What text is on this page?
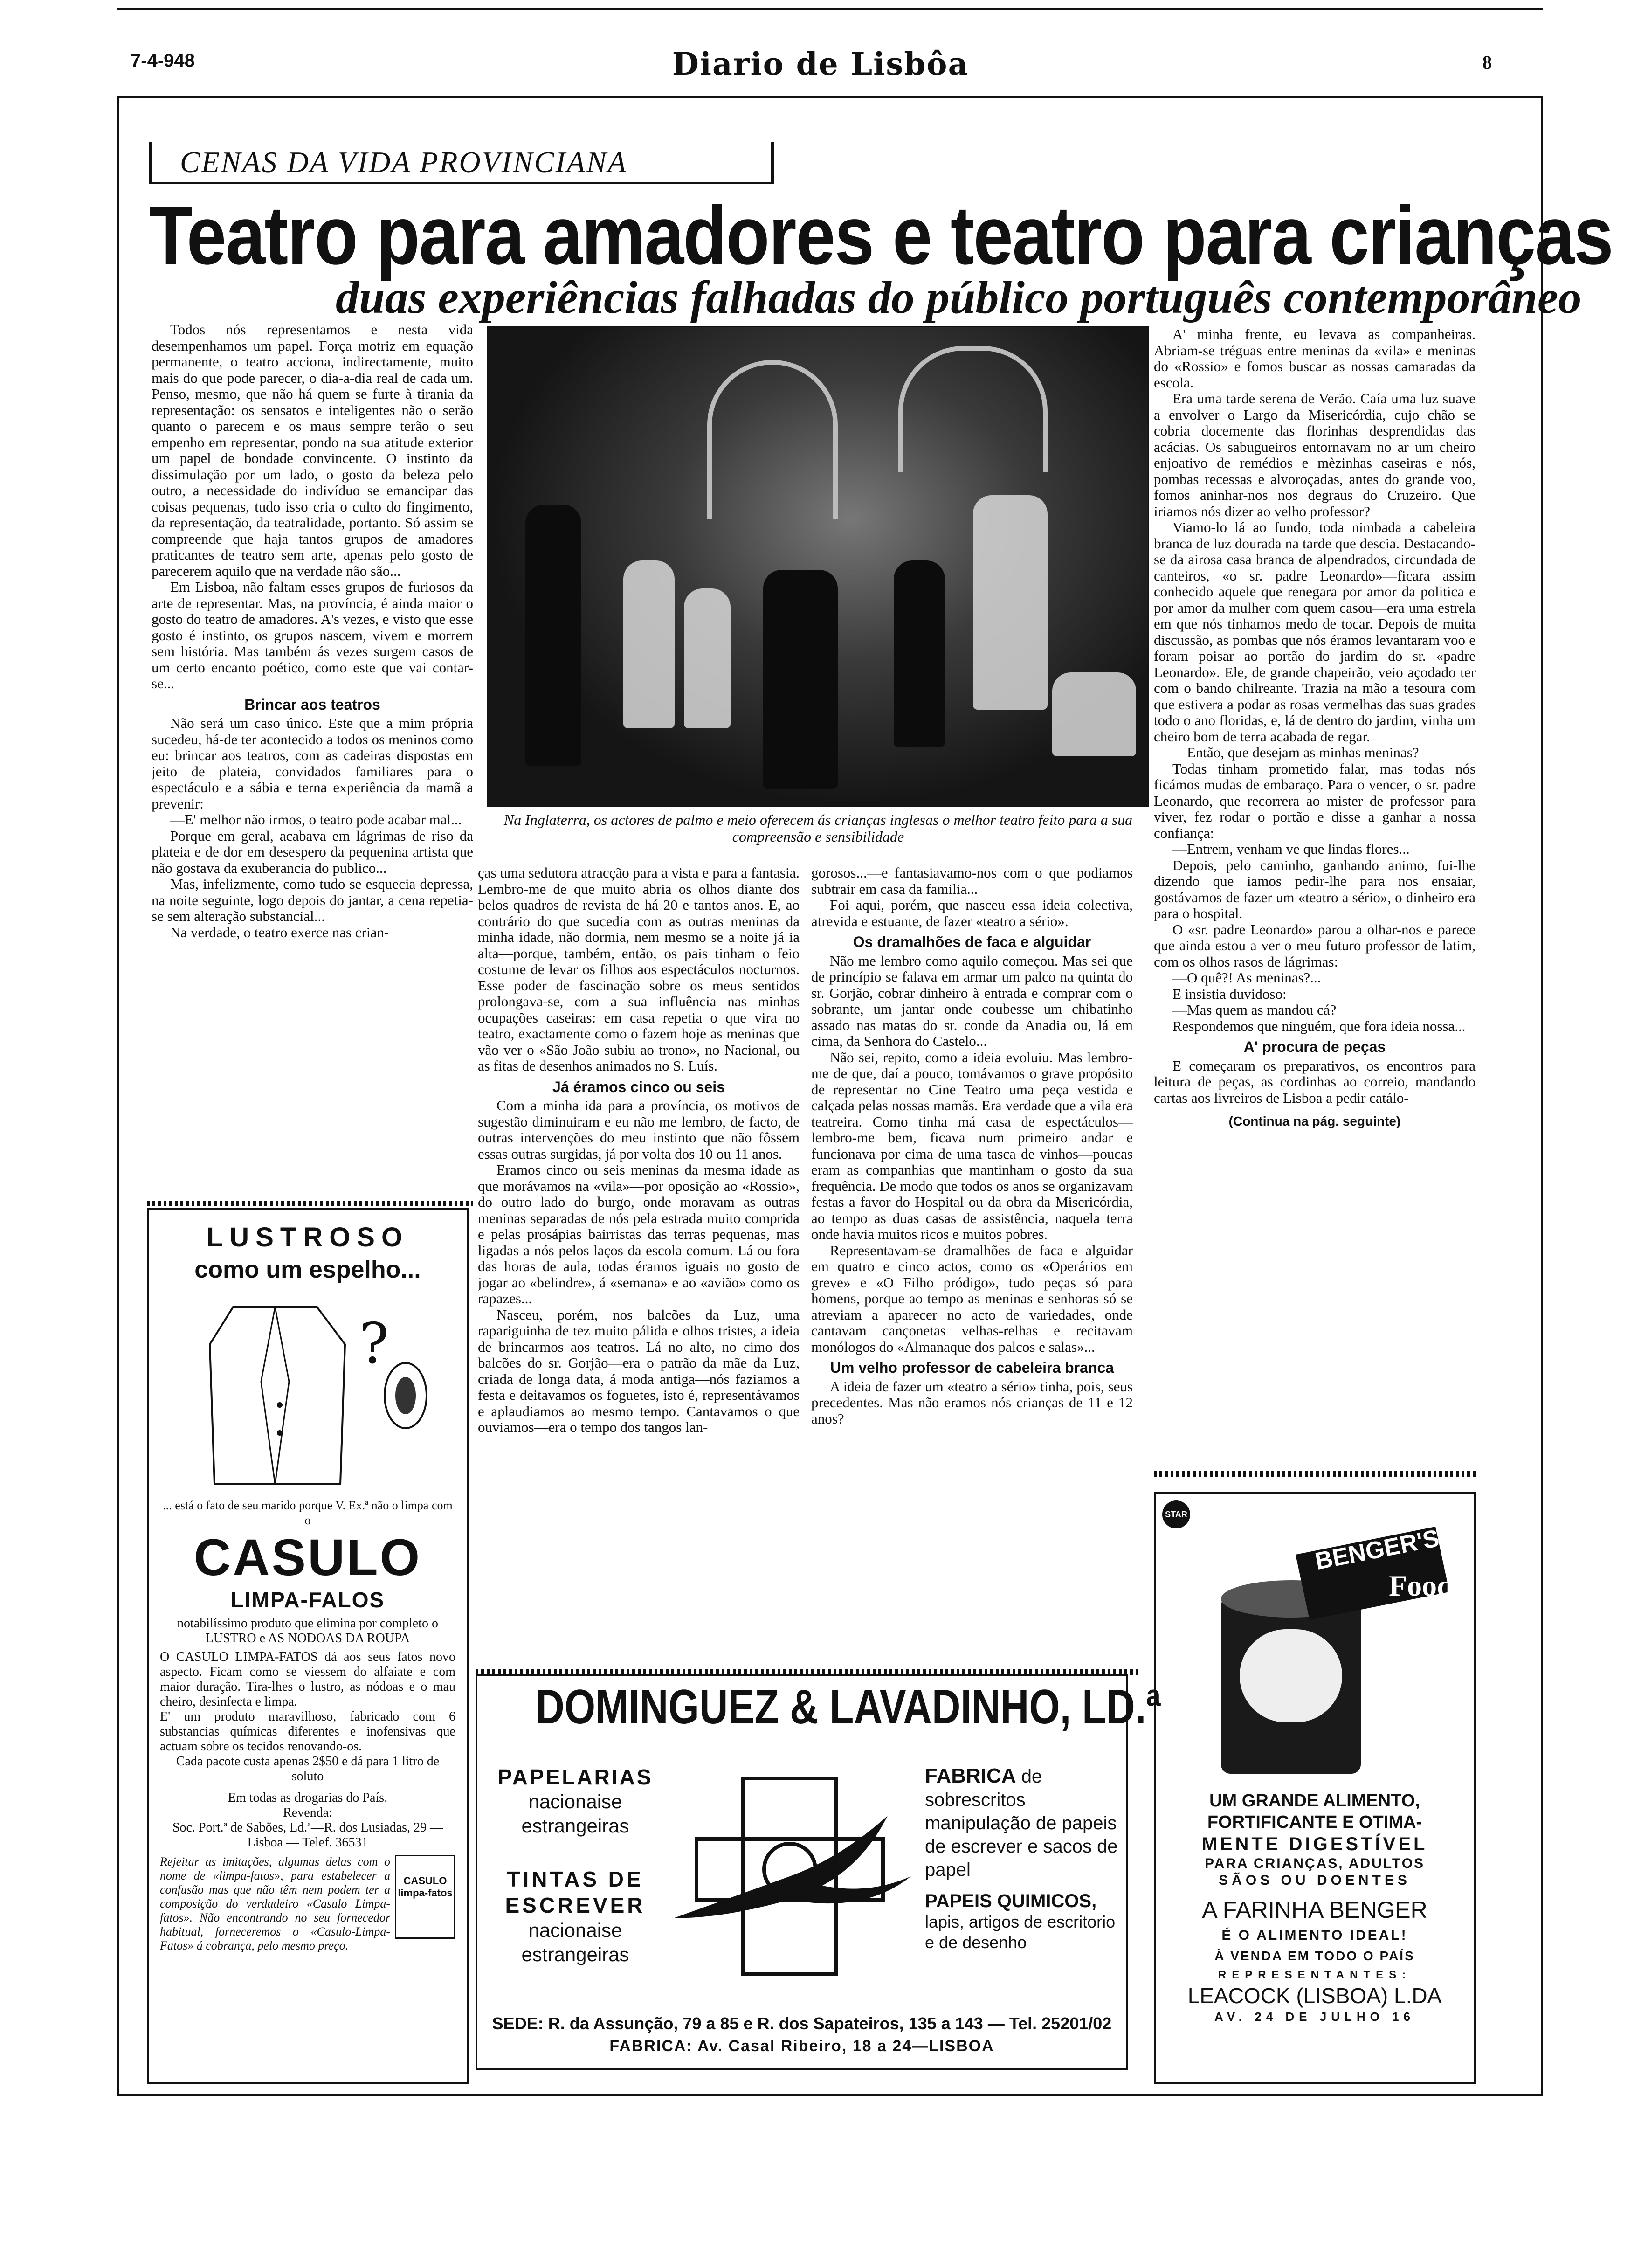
7-4-948	Diario de Lisbôa	8
CENAS DA VIDA PROVINCIANA
Teatro para amadores e teatro para crianças
duas experiências falhadas do público português contemporâneo

Todos nós representamos e nesta vida desempenhamos um papel. Força motriz em equação permanente, o teatro acciona, indirectamente, muito mais do que pode parecer, o dia-a-dia real de cada um. Penso, mesmo, que não há quem se furte à tirania da representação: os sensatos e inteligentes não o serão quanto o parecem e os maus sempre terão o seu empenho em representar, pondo na sua atitude exterior um papel de bondade convincente. O instinto da dissimulação por um lado, o gosto da beleza pelo outro, a necessidade do indivíduo se emancipar das coisas pequenas, tudo isso cria o culto do fingimento, da representação, da teatralidade, portanto. Só assim se compreende que haja tantos grupos de amadores praticantes de teatro sem arte, apenas pelo gosto de parecerem aquilo que na verdade não são...

Em Lisboa, não faltam esses grupos de furiosos da arte de representar. Mas, na província, é ainda maior o gosto do teatro de amadores. A's vezes, e visto que esse gosto é instinto, os grupos nascem, vivem e morrem sem história. Mas também ás vezes surgem casos de um certo encanto poético, como este que vai contar-se...

Brincar aos teatros

Não será um caso único. Este que a mim própria sucedeu, há-de ter acontecido a todos os meninos como eu: brincar aos teatros, com as cadeiras dispostas em jeito de plateia, convidados familiares para o espectáculo e a sábia e terna experiência da mamã a prevenir:

—E' melhor não irmos, o teatro pode acabar mal...

Porque em geral, acabava em lágrimas de riso da plateia e de dor em desespero da pequenina artista que não gostava da exuberancia do publico...

Mas, infelizmente, como tudo se esquecia depressa, na noite seguinte, logo depois do jantar, a cena repetia-se sem alteração substancial...

Na verdade, o teatro exerce nas crian-

Na Inglaterra, os actores de palmo e meio oferecem ás crianças inglesas o melhor teatro feito para a sua compreensão e sensibilidade

ças uma sedutora atracção para a vista e para a fantasia. Lembro-me de que muito abria os olhos diante dos belos quadros de revista de há 20 e tantos anos. E, ao contrário do que sucedia com as outras meninas da minha idade, não dormia, nem mesmo se a noite já ia alta—porque, também, então, os pais tinham o feio costume de levar os filhos aos espectáculos nocturnos. Esse poder de fascinação sobre os meus sentidos prolongava-se, com a sua influência nas minhas ocupações caseiras: em casa repetia o que vira no teatro, exactamente como o fazem hoje as meninas que vão ver o «São João subiu ao trono», no Nacional, ou as fitas de desenhos animados no S. Luís.

Já éramos cinco ou seis

Com a minha ida para a província, os motivos de sugestão diminuiram e eu não me lembro, de facto, de outras intervenções do meu instinto que não fôssem essas outras surgidas, já por volta dos 10 ou 11 anos.

Eramos cinco ou seis meninas da mesma idade as que morávamos na «vila»—por oposição ao «Rossio», do outro lado do burgo, onde moravam as outras meninas separadas de nós pela estrada muito comprida e pelas prosápias bairristas das terras pequenas, mas ligadas a nós pelos laços da escola comum. Lá ou fora das horas de aula, todas éramos iguais no gosto de jogar ao «belindre», á «semana» e ao «avião» como os rapazes...

Nasceu, porém, nos balcões da Luz, uma rapariguinha de tez muito pálida e olhos tristes, a ideia de brincarmos aos teatros. Lá no alto, no cimo dos balcões do sr. Gorjão—era o patrão da mãe da Luz, criada de longa data, á moda antiga—nós faziamos a festa e deitavamos os foguetes, isto é, representávamos e aplaudiamos ao mesmo tempo. Cantavamos o que ouviamos—era o tempo dos tangos lan-

gorosos...—e fantasiavamo-nos com o que podiamos subtrair em casa da familia...

Foi aqui, porém, que nasceu essa ideia colectiva, atrevida e estuante, de fazer «teatro a sério».

Os dramalhões de faca e alguidar

Não me lembro como aquilo começou. Mas sei que de princípio se falava em armar um palco na quinta do sr. Gorjão, cobrar dinheiro à entrada e comprar com o sobrante, um jantar onde coubesse um chibatinho assado nas matas do sr. conde da Anadia ou, lá em cima, da Senhora do Castelo...

Não sei, repito, como a ideia evoluiu. Mas lembro-me de que, daí a pouco, tomávamos o grave propósito de representar no Cine Teatro uma peça vestida e calçada pelas nossas mamãs. Era verdade que a vila era teatreira. Como tinha má casa de espectáculos—lembro-me bem, ficava num primeiro andar e funcionava por cima de uma tasca de vinhos—poucas eram as companhias que mantinham o gosto da sua frequência. De modo que todos os anos se organizavam festas a favor do Hospital ou da obra da Misericórdia, ao tempo as duas casas de assistência, naquela terra onde havia muitos ricos e muitos pobres.

Representavam-se dramalhões de faca e alguidar em quatro e cinco actos, como os «Operários em greve» e «O Filho pródigo», tudo peças só para homens, porque ao tempo as meninas e senhoras só se atreviam a aparecer no acto de variedades, onde cantavam cançonetas velhas-relhas e recitavam monólogos do «Almanaque dos palcos e salas»...

Um velho professor de cabeleira branca

A ideia de fazer um «teatro a sério» tinha, pois, seus precedentes. Mas não eramos nós crianças de 11 e 12 anos?

A' minha frente, eu levava as companheiras. Abriam-se tréguas entre meninas da «vila» e meninas do «Rossio» e fomos buscar as nossas camaradas da escola.

Era uma tarde serena de Verão. Caía uma luz suave a envolver o Largo da Misericórdia, cujo chão se cobria docemente das florinhas desprendidas das acácias. Os sabugueiros entornavam no ar um cheiro enjoativo de remédios e mèzinhas caseiras e nós, pombas recessas e alvoroçadas, antes do grande voo, fomos aninhar-nos nos degraus do Cruzeiro. Que iriamos nós dizer ao velho professor?

Viamo-lo lá ao fundo, toda nimbada a cabeleira branca de luz dourada na tarde que descia. Destacando-se da airosa casa branca de alpendrados, circundada de canteiros, «o sr. padre Leonardo»—ficara assim conhecido aquele que renegara por amor da politica e por amor da mulher com quem casou—era uma estrela em que nós tinhamos medo de tocar. Depois de muita discussão, as pombas que nós éramos levantaram voo e foram poisar ao portão do jardim do sr. «padre Leonardo». Ele, de grande chapeirão, veio açodado ter com o bando chilreante. Trazia na mão a tesoura com que estivera a podar as rosas vermelhas das suas grades todo o ano floridas, e, lá de dentro do jardim, vinha um cheiro bom de terra acabada de regar.

—Então, que desejam as minhas meninas?

Todas tinham prometido falar, mas todas nós ficámos mudas de embaraço. Para o vencer, o sr. padre Leonardo, que recorrera ao mister de professor para viver, fez rodar o portão e disse a ganhar a nossa confiança:

—Entrem, venham ve que lindas flores...

Depois, pelo caminho, ganhando animo, fui-lhe dizendo que iamos pedir-lhe para nos ensaiar, gostávamos de fazer um «teatro a sério», o dinheiro era para o hospital.

O «sr. padre Leonardo» parou a olhar-nos e parece que ainda estou a ver o meu futuro professor de latim, com os olhos rasos de lágrimas:

—O quê?! As meninas?...

E insistia duvidoso:

—Mas quem as mandou cá?

Respondemos que ninguém, que fora ideia nossa...

A' procura de peças

E começaram os preparativos, os encontros para leitura de peças, as cordinhas ao correio, mandando cartas aos livreiros de Lisboa a pedir catálo-

(Continua na pág. seguinte)
LUSTROSO
como um espelho...
?
... está o fato de seu marido porque V. Ex.ª não o limpa com o
CASULO
LIMPA-FALOS
notabilíssimo produto que elimina por completo o LUSTRO e AS NODOAS DA ROUPA
O CASULO LIMPA-FATOS dá aos seus fatos novo aspecto. Ficam como se viessem do alfaiate e com maior duração. Tira-lhes o lustro, as nódoas e o mau cheiro, desinfecta e limpa.
E' um produto maravilhoso, fabricado com 6 substancias químicas diferentes e inofensivas que actuam sobre os tecidos renovando-os.
Cada pacote custa apenas 2$50 e dá para 1 litro de soluto
Em todas as drogarias do País.
Revenda:
Soc. Port.ª de Sabões, Ld.ª—R. dos Lusiadas, 29 — Lisboa — Telef. 36531
Rejeitar as imitações, algumas delas com o nome de «limpa-fatos», para estabelecer a confusão mas que não têm nem podem ter a composição do verdadeiro «Casulo Limpa-fatos». Não encontrando no seu fornecedor habitual, forneceremos o «Casulo-Limpa-Fatos» á cobrança, pelo mesmo preço.
CASULO limpa-fatos
DOMINGUEZ & LAVADINHO, LD.ª
PAPELARIAS
nacionaise estrangeiras
TINTAS DE ESCREVER
nacionaise estrangeiras
FABRICA de sobrescritos manipulação de papeis de escrever e sacos de papel
PAPEIS QUIMICOS, lapis, artigos de escritorio e de desenho
SEDE: R. da Assunção, 79 a 85 e R. dos Sapateiros, 135 a 143 — Tel. 25201/02
FABRICA: Av. Casal Ribeiro, 18 a 24—LISBOA
STAR
BENGER'S
Food
UM GRANDE ALIMENTO,
FORTIFICANTE E OTIMA-
MENTE DIGESTÍVEL
PARA CRIANÇAS, ADULTOS
SÃOS OU DOENTES
A FARINHA BENGER
É O ALIMENTO IDEAL!
À VENDA EM TODO O PAÍS
REPRESENTANTES:
LEACOCK (LISBOA) L.DA
AV. 24 DE JULHO 16
